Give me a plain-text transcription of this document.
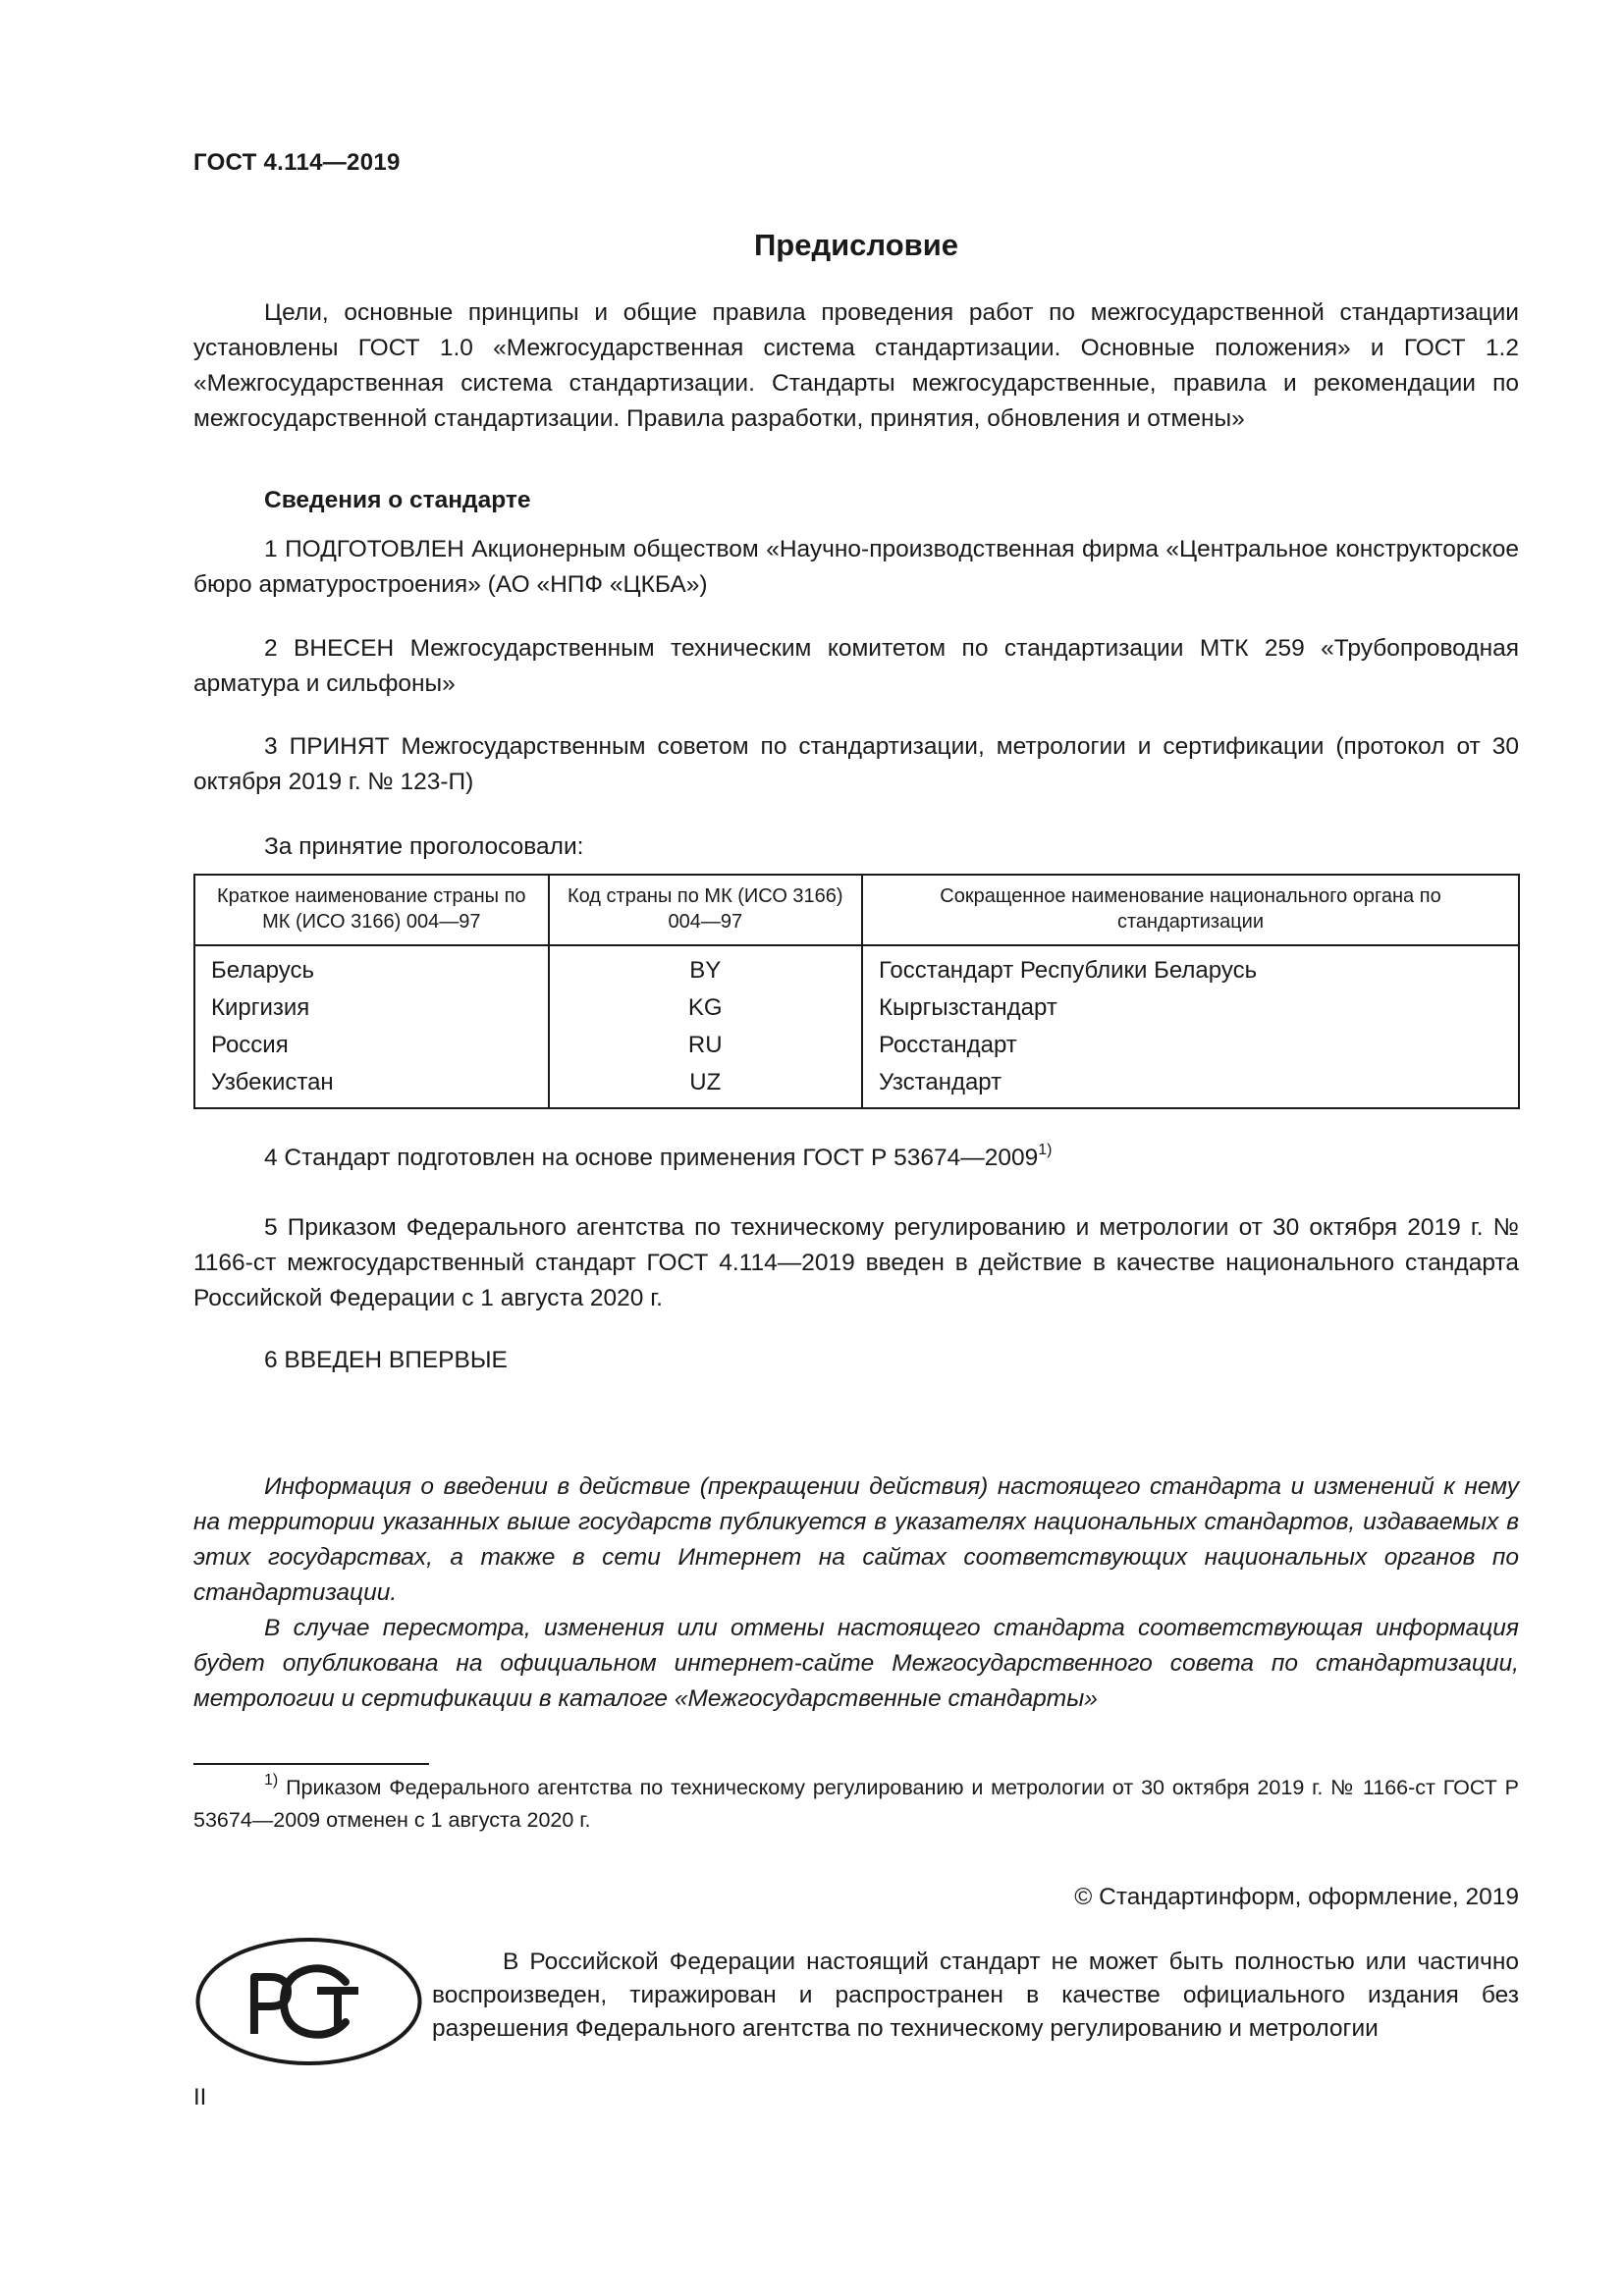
ГОСТ 4.114—2019
Предисловие

Цели, основные принципы и общие правила проведения работ по межгосударственной стандартизации установлены ГОСТ 1.0 «Межгосударственная система стандартизации. Основные положения» и ГОСТ 1.2 «Межгосударственная система стандартизации. Стандарты межгосударственные, правила и рекомендации по межгосударственной стандартизации. Правила разработки, принятия, обновления и отмены»

Сведения о стандарте

1 ПОДГОТОВЛЕН Акционерным обществом «Научно-производственная фирма «Центральное конструкторское бюро арматуростроения» (АО «НПФ «ЦКБА»)

2 ВНЕСЕН Межгосударственным техническим комитетом по стандартизации МТК 259 «Трубопроводная арматура и сильфоны»

3 ПРИНЯТ Межгосударственным советом по стандартизации, метрологии и сертификации (протокол от 30 октября 2019 г. № 123-П)

За принятие проголосовали:

Краткое наименование страны по МК (ИСО 3166) 004—97	Код страны по МК (ИСО 3166) 004—97	Сокращенное наименование национального органа по стандартизации
Беларусь	BY	Госстандарт Республики Беларусь
Киргизия	KG	Кыргызстандарт
Россия	RU	Росстандарт
Узбекистан	UZ	Узстандарт

4 Стандарт подготовлен на основе применения ГОСТ Р 53674—2009$^{1)}$

5 Приказом Федерального агентства по техническому регулированию и метрологии от 30 октября 2019 г. № 1166-ст межгосударственный стандарт ГОСТ 4.114—2019 введен в действие в качестве национального стандарта Российской Федерации с 1 августа 2020 г.

6 ВВЕДЕН ВПЕРВЫЕ

Информация о введении в действие (прекращении действия) настоящего стандарта и изменений к нему на территории указанных выше государств публикуется в указателях национальных стандартов, издаваемых в этих государствах, а также в сети Интернет на сайтах соответствующих национальных органов по стандартизации.

В случае пересмотра, изменения или отмены настоящего стандарта соответствующая информация будет опубликована на официальном интернет-сайте Межгосударственного совета по стандартизации, метрологии и сертификации в каталоге «Межгосударственные стандарты»

$^{1)}$ Приказом Федерального агентства по техническому регулированию и метрологии от 30 октября 2019 г. № 1166-ст ГОСТ Р 53674—2009 отменен с 1 августа 2020 г.

© Стандартинформ, оформление, 2019

В Российской Федерации настоящий стандарт не может быть полностью или частично воспроизведен, тиражирован и распространен в качестве официального издания без разрешения Федерального агентства по техническому регулированию и метрологии

II
